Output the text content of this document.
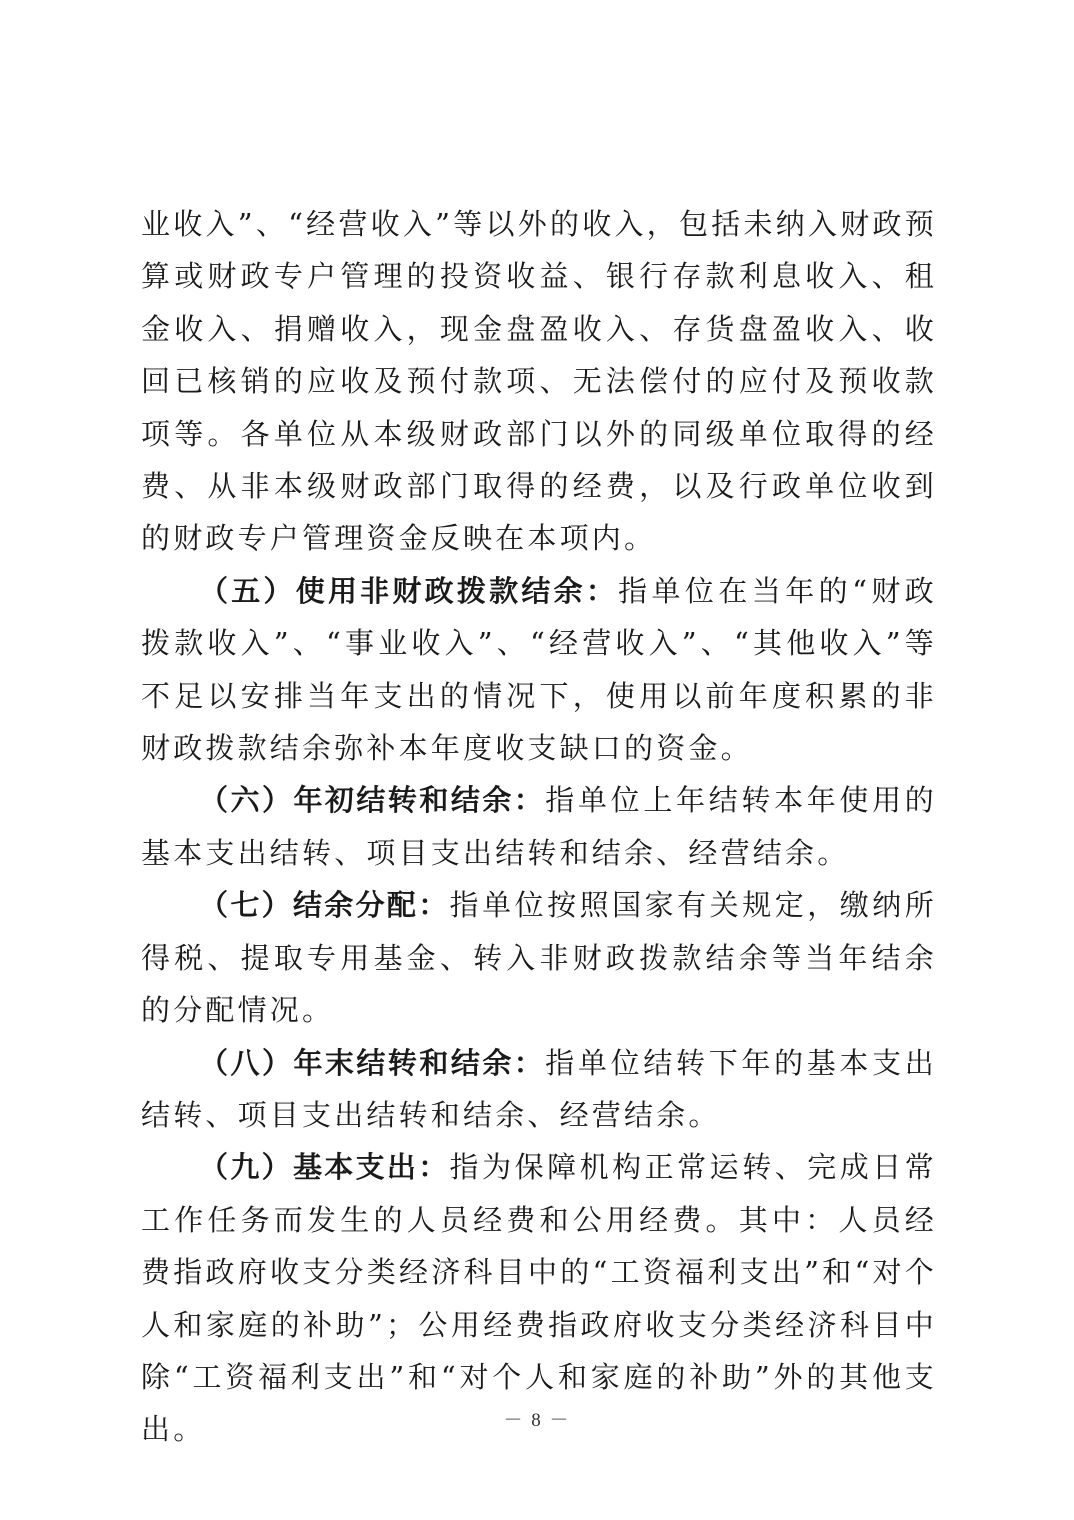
业收入”、“经营收入”等以外的收入，包括未纳入财政预算或财政专户管理的投资收益、银行存款利息收入、租金收入、捐赠收入，现金盘盈收入、存货盘盈收入、收回已核销的应收及预付款项、无法偿付的应付及预收款项等。各单位从本级财政部门以外的同级单位取得的经费、从非本级财政部门取得的经费，以及行政单位收到的财政专户管理资金反映在本项内。

（五）使用非财政拨款结余：指单位在当年的“财政拨款收入”、“事业收入”、“经营收入”、“其他收入”等不足以安排当年支出的情况下，使用以前年度积累的非财政拨款结余弥补本年度收支缺口的资金。

（六）年初结转和结余：指单位上年结转本年使用的基本支出结转、项目支出结转和结余、经营结余。

（七）结余分配：指单位按照国家有关规定，缴纳所得税、提取专用基金、转入非财政拨款结余等当年结余的分配情况。

（八）年末结转和结余：指单位结转下年的基本支出结转、项目支出结转和结余、经营结余。

（九）基本支出：指为保障机构正常运转、完成日常工作任务而发生的人员经费和公用经费。其中：人员经费指政府收支分类经济科目中的“工资福利支出”和“对个人和家庭的补助”；公用经费指政府收支分类经济科目中除“工资福利支出”和“对个人和家庭的补助”外的其他支出。	－ 8 －
